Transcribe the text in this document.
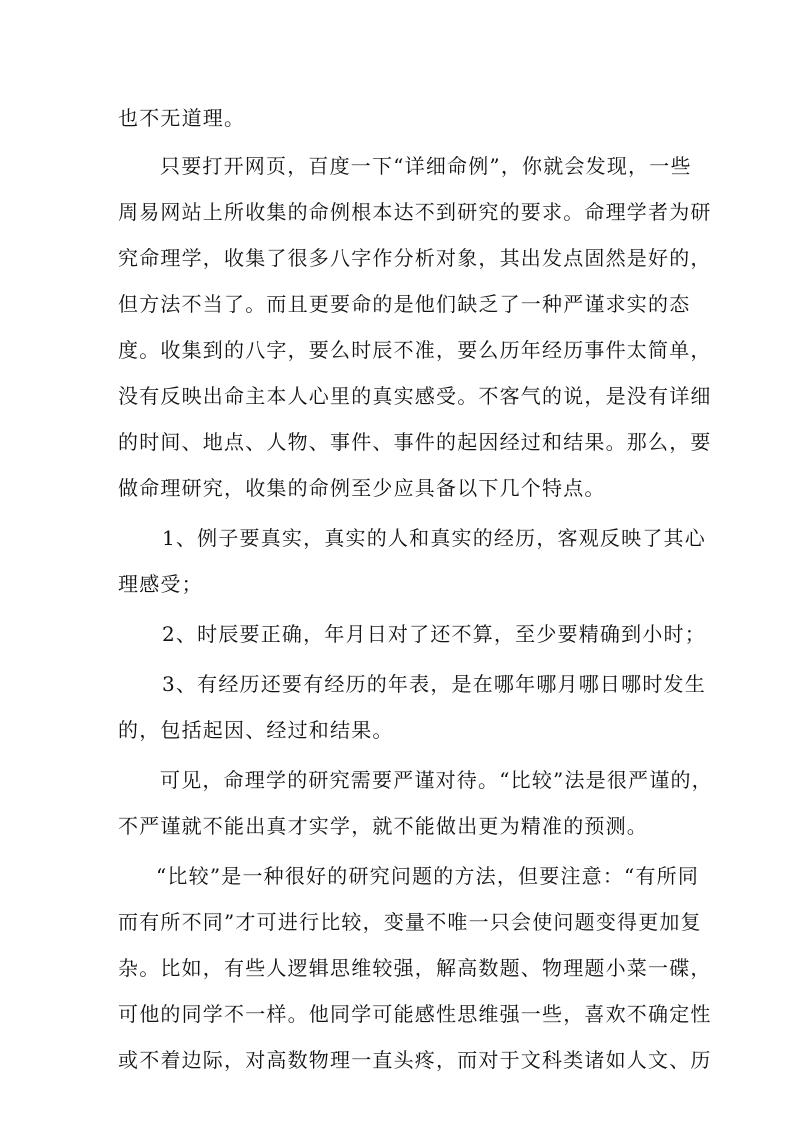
也不无道理。
只要打开网页，百度一下“详细命例”，你就会发现，一些
周易网站上所收集的命例根本达不到研究的要求。命理学者为研
究命理学，收集了很多八字作分析对象，其出发点固然是好的，
但方法不当了。而且更要命的是他们缺乏了一种严谨求实的态
度。收集到的八字，要么时辰不准，要么历年经历事件太简单，
没有反映出命主本人心里的真实感受。不客气的说，是没有详细
的时间、地点、人物、事件、事件的起因经过和结果。那么，要
做命理研究，收集的命例至少应具备以下几个特点。
1、例子要真实，真实的人和真实的经历，客观反映了其心
理感受；
2、时辰要正确，年月日对了还不算，至少要精确到小时；
3、有经历还要有经历的年表，是在哪年哪月哪日哪时发生
的，包括起因、经过和结果。
可见，命理学的研究需要严谨对待。“比较”法是很严谨的，
不严谨就不能出真才实学，就不能做出更为精准的预测。
“比较”是一种很好的研究问题的方法，但要注意：“有所同
而有所不同”才可进行比较，变量不唯一只会使问题变得更加复
杂。比如，有些人逻辑思维较强，解高数题、物理题小菜一碟，
可他的同学不一样。他同学可能感性思维强一些，喜欢不确定性
或不着边际，对高数物理一直头疼，而对于文科类诸如人文、历
